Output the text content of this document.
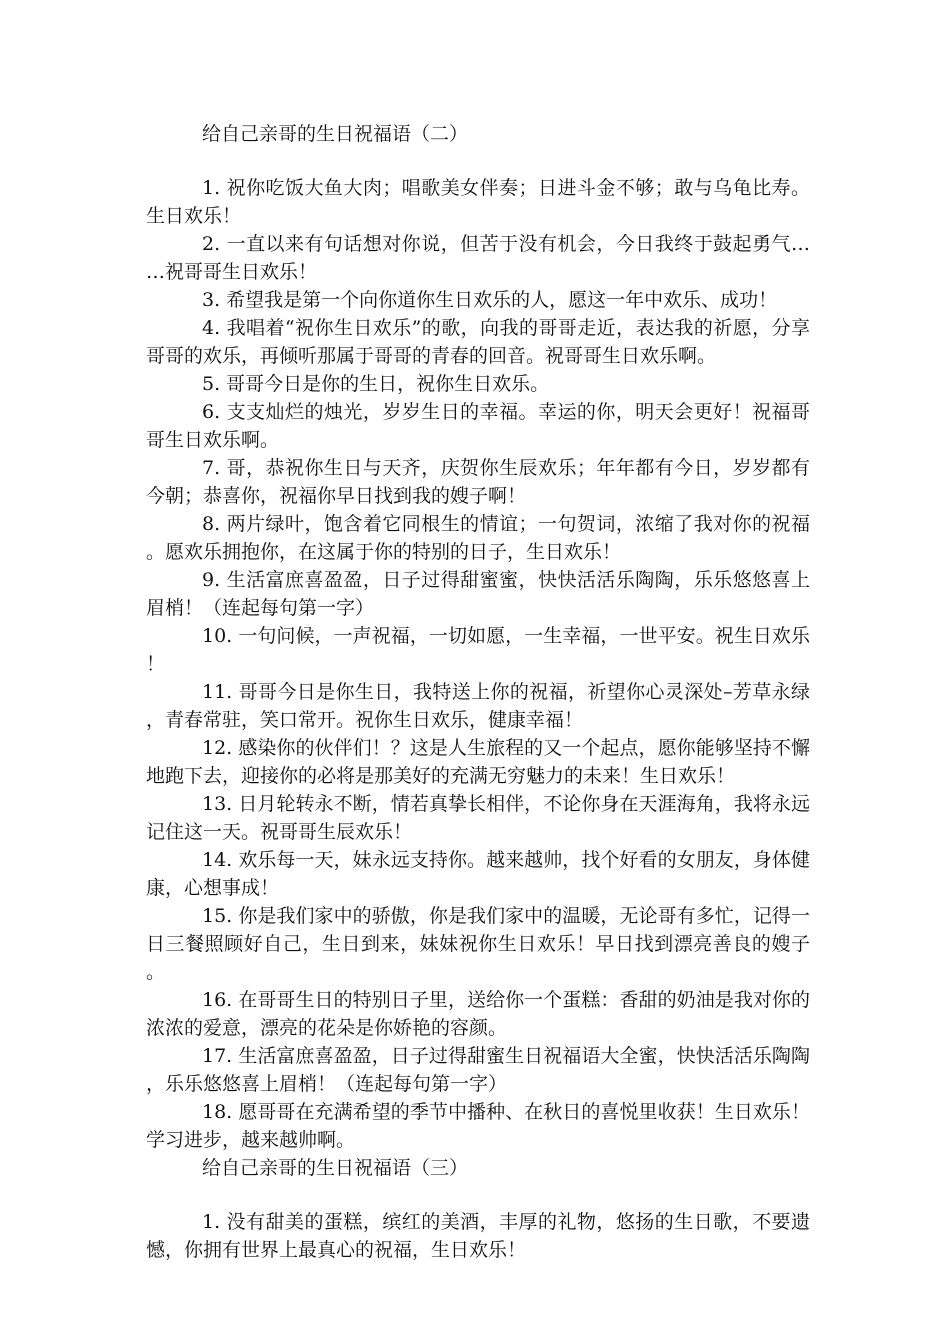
给自己亲哥的生日祝福语（二）

1. 祝你吃饭大鱼大肉；唱歌美女伴奏；日进斗金不够；敢与乌龟比寿。生日欢乐！

2. 一直以来有句话想对你说，但苦于没有机会，今日我终于鼓起勇气……祝哥哥生日欢乐！

3. 希望我是第一个向你道你生日欢乐的人，愿这一年中欢乐、成功！

4. 我唱着“祝你生日欢乐”的歌，向我的哥哥走近，表达我的祈愿，分享哥哥的欢乐，再倾听那属于哥哥的青春的回音。祝哥哥生日欢乐啊。

5. 哥哥今日是你的生日，祝你生日欢乐。

6. 支支灿烂的烛光，岁岁生日的幸福。幸运的你，明天会更好！祝福哥哥生日欢乐啊。

7. 哥，恭祝你生日与天齐，庆贺你生辰欢乐；年年都有今日，岁岁都有今朝；恭喜你，祝福你早日找到我的嫂子啊！

8. 两片绿叶，饱含着它同根生的情谊；一句贺词，浓缩了我对你的祝福。愿欢乐拥抱你，在这属于你的特别的日子，生日欢乐！

9. 生活富庶喜盈盈，日子过得甜蜜蜜，快快活活乐陶陶，乐乐悠悠喜上眉梢！（连起每句第一字）

10. 一句问候，一声祝福，一切如愿，一生幸福，一世平安。祝生日欢乐！

11. 哥哥今日是你生日，我特送上你的祝福，祈望你心灵深处–芳草永绿，青春常驻，笑口常开。祝你生日欢乐，健康幸福！

12. 感染你的伙伴们！？这是人生旅程的又一个起点，愿你能够坚持不懈地跑下去，迎接你的必将是那美好的充满无穷魅力的未来！生日欢乐！

13. 日月轮转永不断，情若真挚长相伴，不论你身在天涯海角，我将永远记住这一天。祝哥哥生辰欢乐！

14. 欢乐每一天，妹永远支持你。越来越帅，找个好看的女朋友，身体健康，心想事成！

15. 你是我们家中的骄傲，你是我们家中的温暖，无论哥有多忙，记得一日三餐照顾好自己，生日到来，妹妹祝你生日欢乐！早日找到漂亮善良的嫂子。

16. 在哥哥生日的特别日子里，送给你一个蛋糕：香甜的奶油是我对你的浓浓的爱意，漂亮的花朵是你娇艳的容颜。

17. 生活富庶喜盈盈，日子过得甜蜜生日祝福语大全蜜，快快活活乐陶陶，乐乐悠悠喜上眉梢！（连起每句第一字）

18. 愿哥哥在充满希望的季节中播种、在秋日的喜悦里收获！生日欢乐！学习进步，越来越帅啊。

给自己亲哥的生日祝福语（三）

1. 没有甜美的蛋糕，缤红的美酒，丰厚的礼物，悠扬的生日歌，不要遗憾，你拥有世界上最真心的祝福，生日欢乐！
